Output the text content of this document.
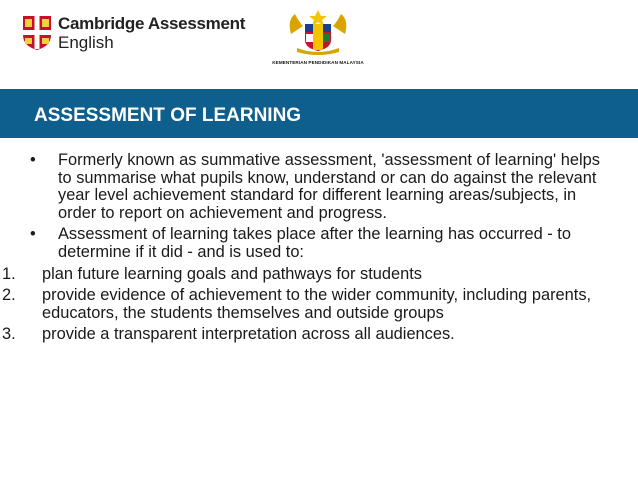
Cambridge Assessment
English
KEMENTERIAN PENDIDIKAN MALAYSIA
ASSESSMENT OF LEARNING
•	Formerly known as summative assessment, 'assessment of learning' helps to summarise what pupils know, understand or can do against the relevant year level achievement standard for different learning areas/subjects, in order to report on achievement and progress.
•	Assessment of learning takes place after the learning has occurred - to determine if it did - and is used to:
1.	plan future learning goals and pathways for students
2.	provide evidence of achievement to the wider community, including parents, educators, the students themselves and outside groups
3.	provide a transparent interpretation across all audiences.
